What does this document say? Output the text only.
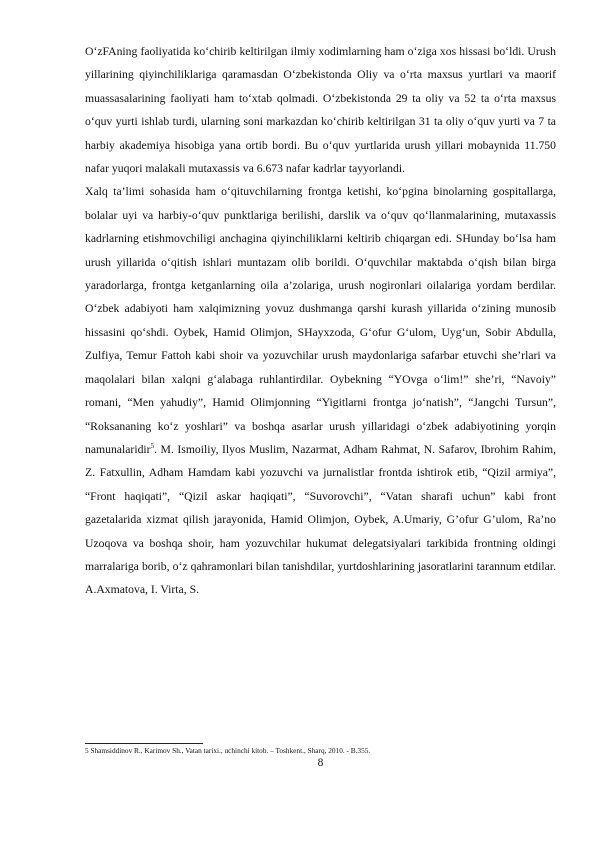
O‘zFAning faoliyatida ko‘chirib keltirilgan ilmiy xodimlarning ham o‘ziga xos hissasi bo‘ldi. Urush yillarining qiyinchiliklariga qaramasdan O‘zbekistonda Oliy va o‘rta maxsus yurtlari va maorif muassasalarining faoliyati ham to‘xtab qolmadi. O‘zbekistonda 29 ta oliy va 52 ta o‘rta maxsus o‘quv yurti ishlab turdi, ularning soni markazdan ko‘chirib keltirilgan 31 ta oliy o‘quv yurti va 7 ta harbiy akademiya hisobiga yana ortib bordi. Bu o‘quv yurtlarida urush yillari mobaynida 11.750 nafar yuqori malakali mutaxassis va 6.673 nafar kadrlar tayyorlandi.

Xalq ta’limi sohasida ham o‘qituvchilarning frontga ketishi, ko‘pgina binolarning gospitallarga, bolalar uyi va harbiy-o‘quv punktlariga berilishi, darslik va o‘quv qo‘llanmalarining, mutaxassis kadrlarning etishmovchiligi anchagina qiyinchiliklarni keltirib chiqargan edi. SHunday bo‘lsa ham urush yillarida o‘qitish ishlari muntazam olib borildi. O‘quvchilar maktabda o‘qish bilan birga yaradorlarga, frontga ketganlarning oila a’zolariga, urush nogironlari oilalariga yordam berdilar. O‘zbek adabiyoti ham xalqimizning yovuz dushmanga qarshi kurash yillarida o‘zining munosib hissasini qo‘shdi. Oybek, Hamid Olimjon, SHayxzoda, G‘ofur G‘ulom, Uyg‘un, Sobir Abdulla, Zulfiya, Temur Fattoh kabi shoir va yozuvchilar urush maydonlariga safarbar etuvchi she’rlari va maqolalari bilan xalqni g‘alabaga ruhlantirdilar. Oybekning “YOvga o‘lim!” she’ri, “Navoiy” romani, “Men yahudiy”, Hamid Olimjonning “Yigitlarni frontga jo‘natish”, “Jangchi Tursun”, “Roksananing ko‘z yoshlari” va boshqa asarlar urush yillaridagi o‘zbek adabiyotining yorqin namunalaridir$^5$. M. Ismoiliy, Ilyos Muslim, Nazarmat, Adham Rahmat, N. Safarov, Ibrohim Rahim, Z. Fatxullin, Adham Hamdam kabi yozuvchi va jurnalistlar frontda ishtirok etib, “Qizil armiya”, “Front haqiqati”, “Qizil askar haqiqati”, “Suvorovchi”, “Vatan sharafi uchun” kabi front gazetalarida xizmat qilish jarayonida, Hamid Olimjon, Oybek, A.Umariy, G’ofur G’ulom, Ra’no Uzoqova va boshqa shoir, ham yozuvchilar hukumat delegatsiyalari tarkibida frontning oldingi marralariga borib, o‘z qahramonlari bilan tanishdilar, yurtdoshlarining jasoratlarini tarannum etdilar. A.Axmatova, I. Virta, S.

5 Shamsiddinov R., Karimov Sh., Vatan tarixi., uchinchi kitob. – Toshkent., Sharq, 2010. - B.355.
8
